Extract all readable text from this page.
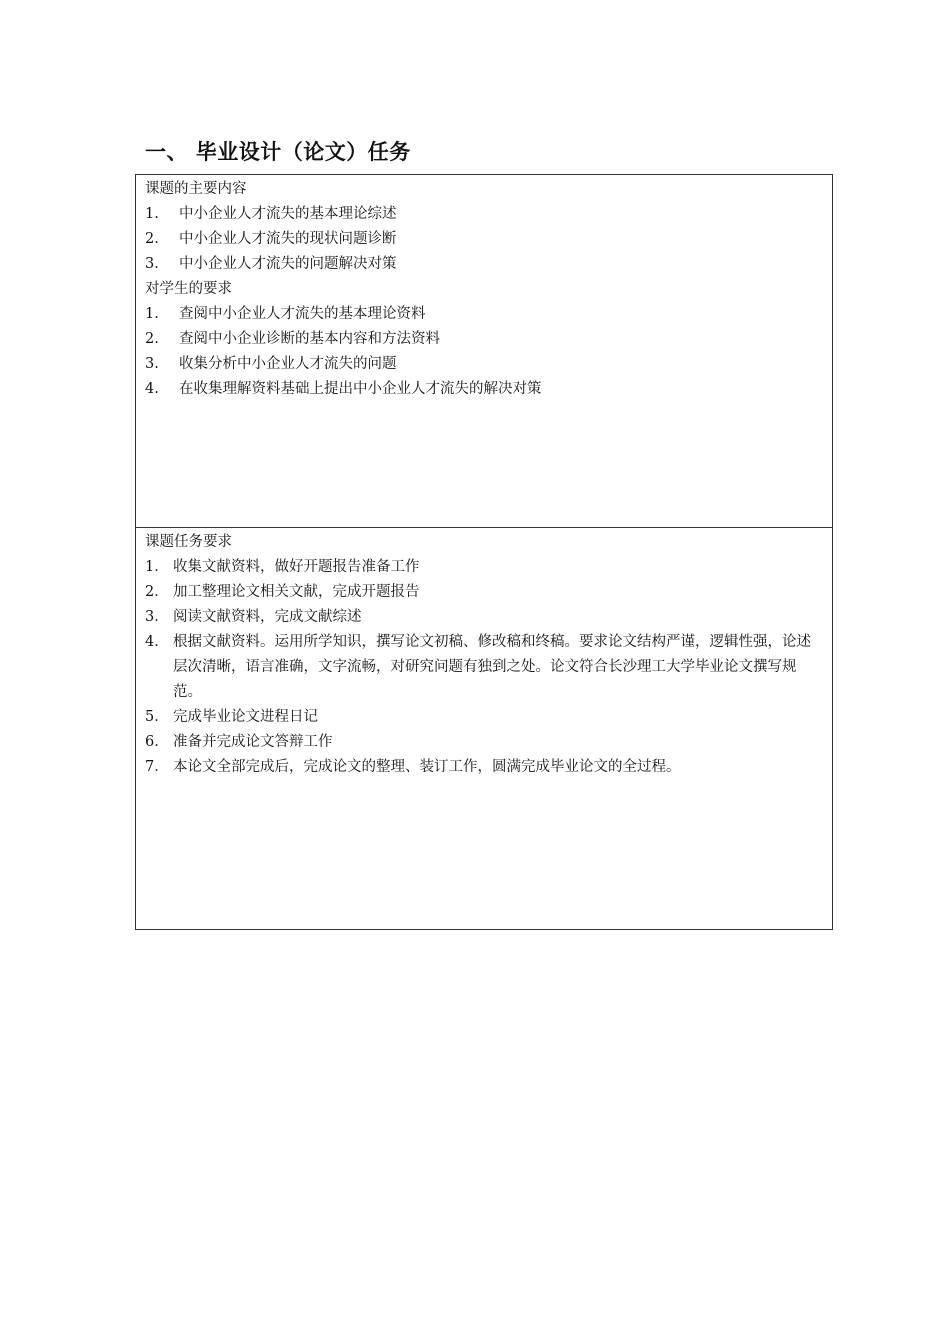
一、 毕业设计（论文）任务
课题的主要内容
1.	中小企业人才流失的基本理论综述
2.	中小企业人才流失的现状问题诊断
3.	中小企业人才流失的问题解决对策
对学生的要求
1.	查阅中小企业人才流失的基本理论资料
2.	查阅中小企业诊断的基本内容和方法资料
3.	收集分析中小企业人才流失的问题
4.	在收集理解资料基础上提出中小企业人才流失的解决对策
课题任务要求
1． 收集文献资料，做好开题报告准备工作
2． 加工整理论文相关文献，完成开题报告
3． 阅读文献资料，完成文献综述
4． 根据文献资料。运用所学知识，撰写论文初稿、修改稿和终稿。要求论文结构严谨，逻辑性强，论述层次清晰，语言准确，文字流畅，对研究问题有独到之处。论文符合长沙理工大学毕业论文撰写规范。
5． 完成毕业论文进程日记
6． 准备并完成论文答辩工作
7． 本论文全部完成后，完成论文的整理、装订工作，圆满完成毕业论文的全过程。
